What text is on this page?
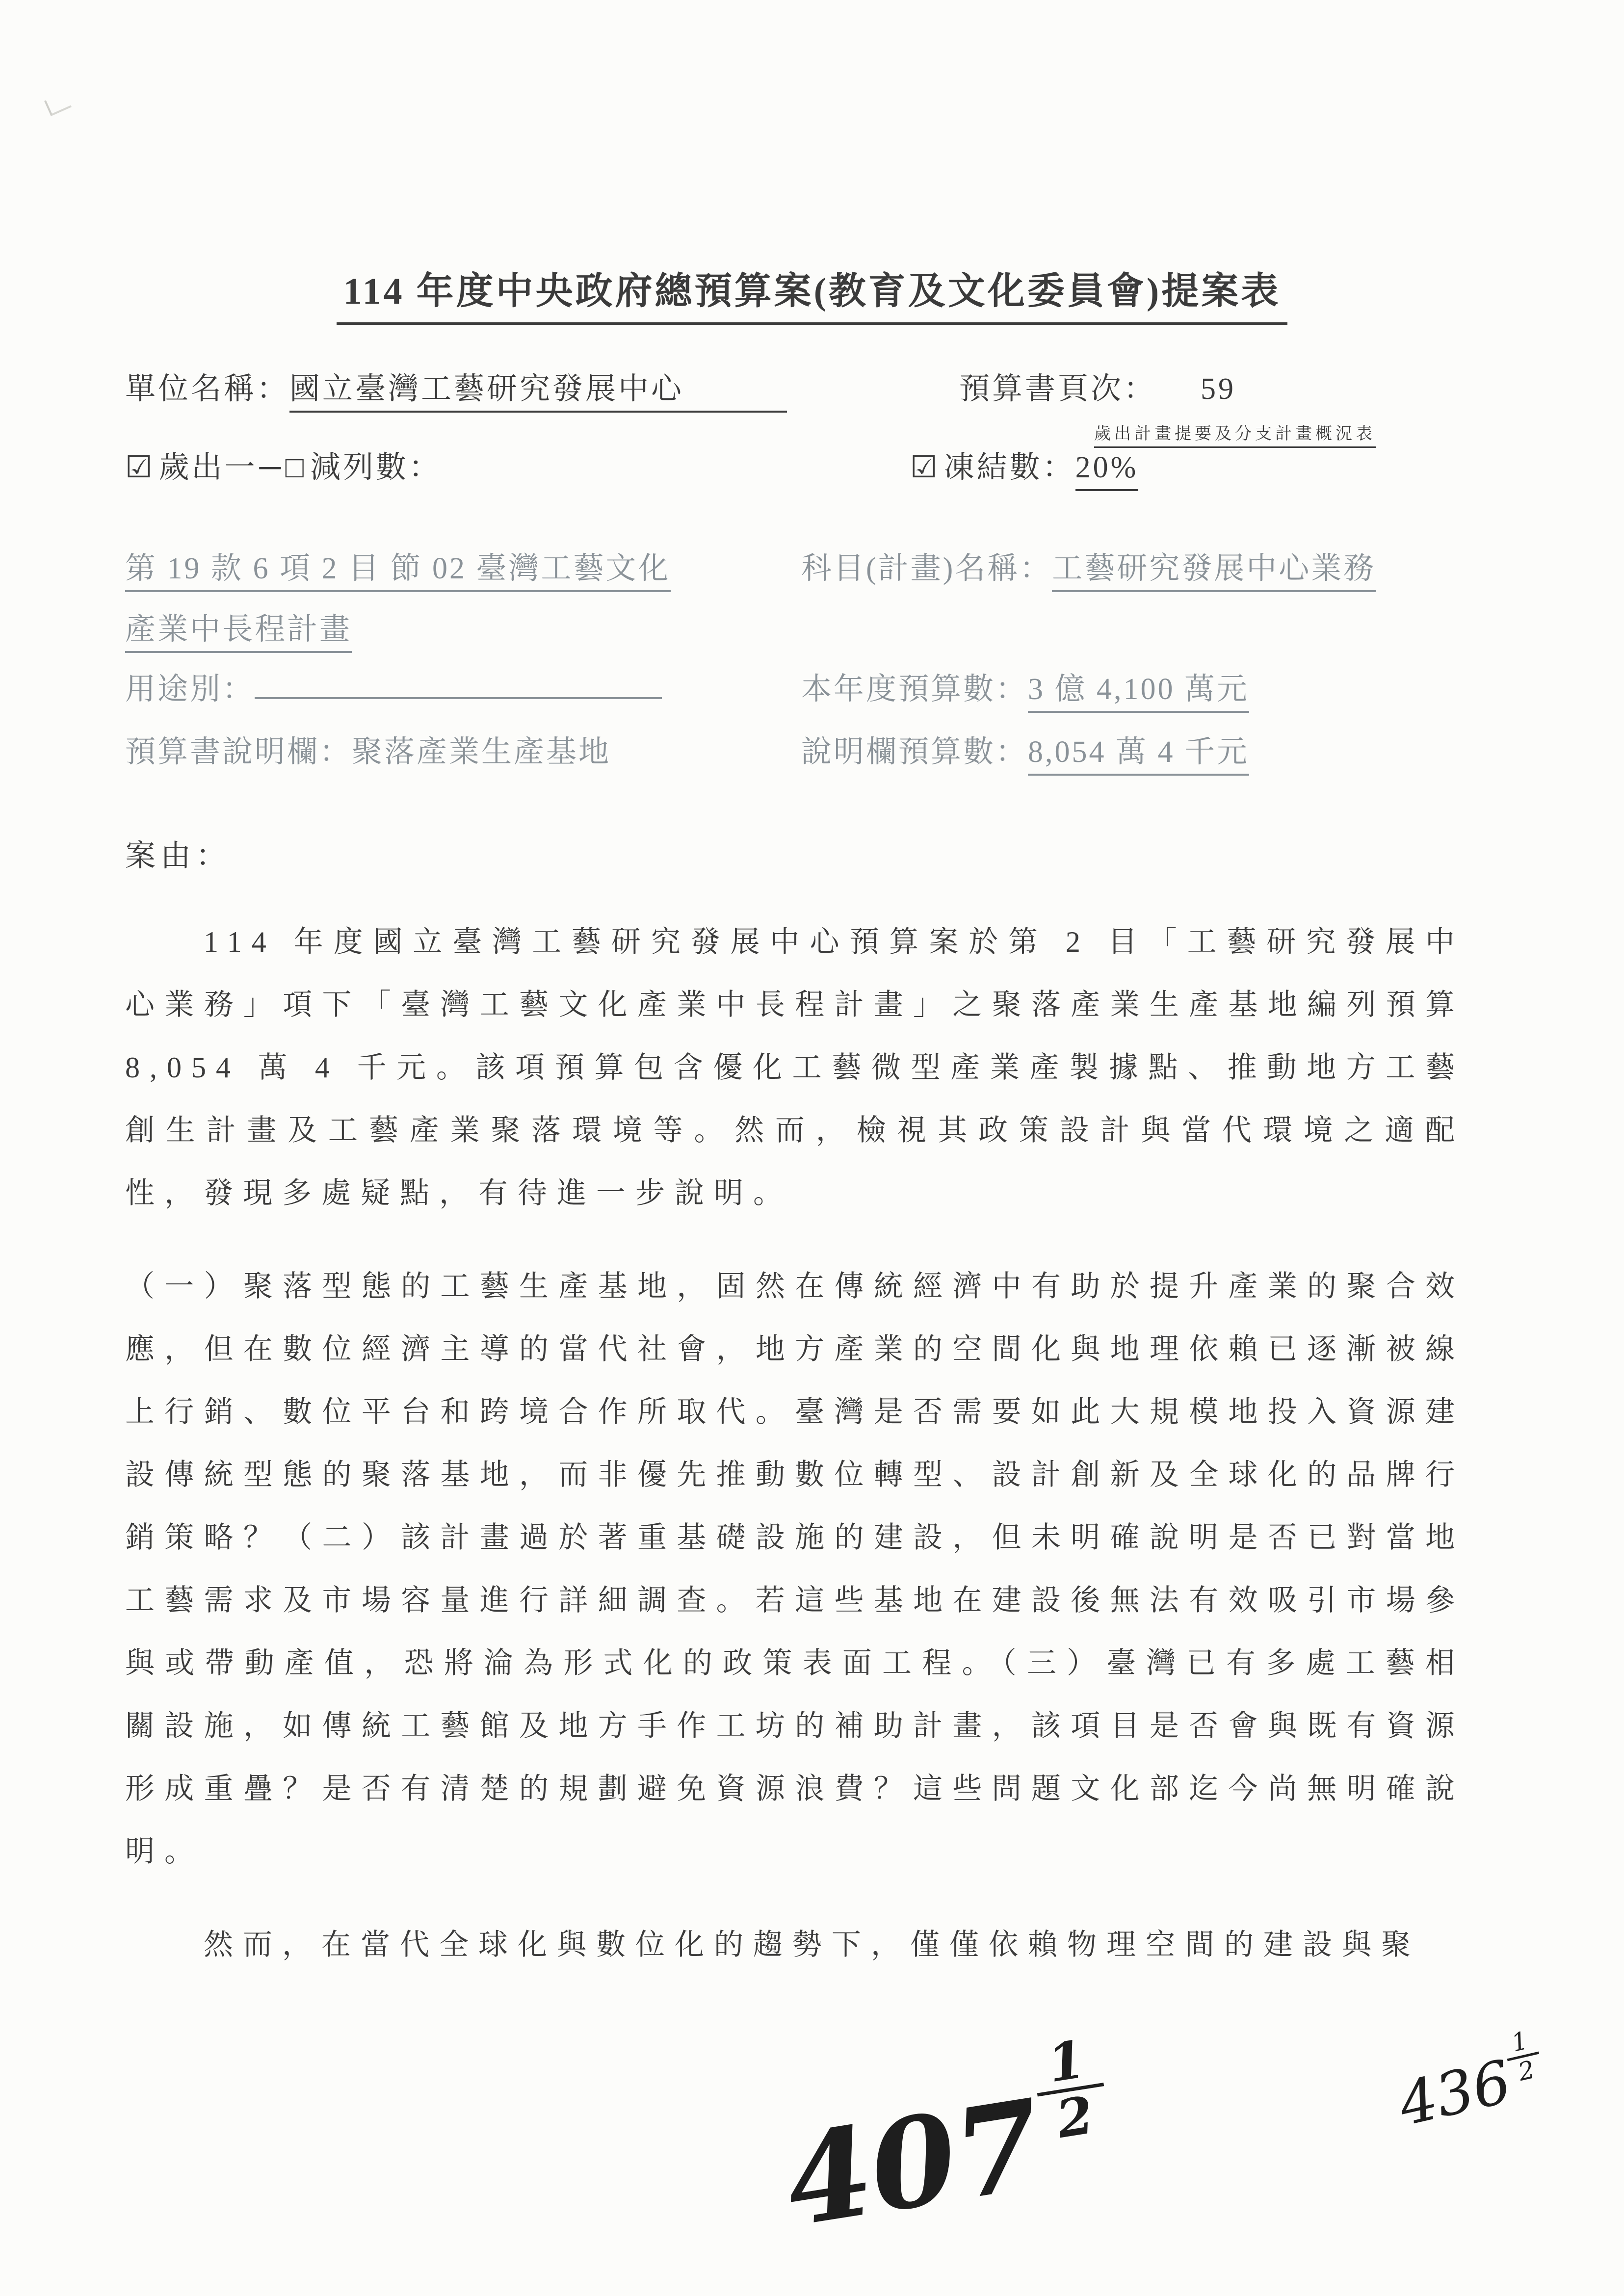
114 年度中央政府總預算案(教育及文化委員會)提案表
單位名稱：國立臺灣工藝研究發展中心	預算書頁次： 59
歲出計畫提要及分支計畫概況表
☑ 歲出一─□ 減列數：	☑ 凍結數：20%
第 19 款 6 項 2 目 節 02 臺灣工藝文化	科目(計畫)名稱：工藝研究發展中心業務
產業中長程計畫
用途別：	本年度預算數：3 億 4,100 萬元
預算書說明欄：聚落產業生產基地	說明欄預算數：8,054 萬 4 千元
案由：

114 年度國立臺灣工藝研究發展中心預算案於第 2 目「工藝研究發展中心業務」項下「臺灣工藝文化產業中長程計畫」之聚落產業生產基地編列預算 8,054 萬 4 千元。該項預算包含優化工藝微型產業產製據點、推動地方工藝創生計畫及工藝產業聚落環境等。然而，檢視其政策設計與當代環境之適配性，發現多處疑點，有待進一步說明。

（一）聚落型態的工藝生產基地，固然在傳統經濟中有助於提升產業的聚合效應，但在數位經濟主導的當代社會，地方產業的空間化與地理依賴已逐漸被線上行銷、數位平台和跨境合作所取代。臺灣是否需要如此大規模地投入資源建設傳統型態的聚落基地，而非優先推動數位轉型、設計創新及全球化的品牌行銷策略？（二）該計畫過於著重基礎設施的建設，但未明確說明是否已對當地工藝需求及市場容量進行詳細調查。若這些基地在建設後無法有效吸引市場參與或帶動產值，恐將淪為形式化的政策表面工程。（三）臺灣已有多處工藝相關設施，如傳統工藝館及地方手作工坊的補助計畫，該項目是否會與既有資源形成重疊？是否有清楚的規劃避免資源浪費？這些問題文化部迄今尚無明確說明。

然而，在當代全球化與數位化的趨勢下，僅僅依賴物理空間的建設與聚

407
1
2	436
1
2
